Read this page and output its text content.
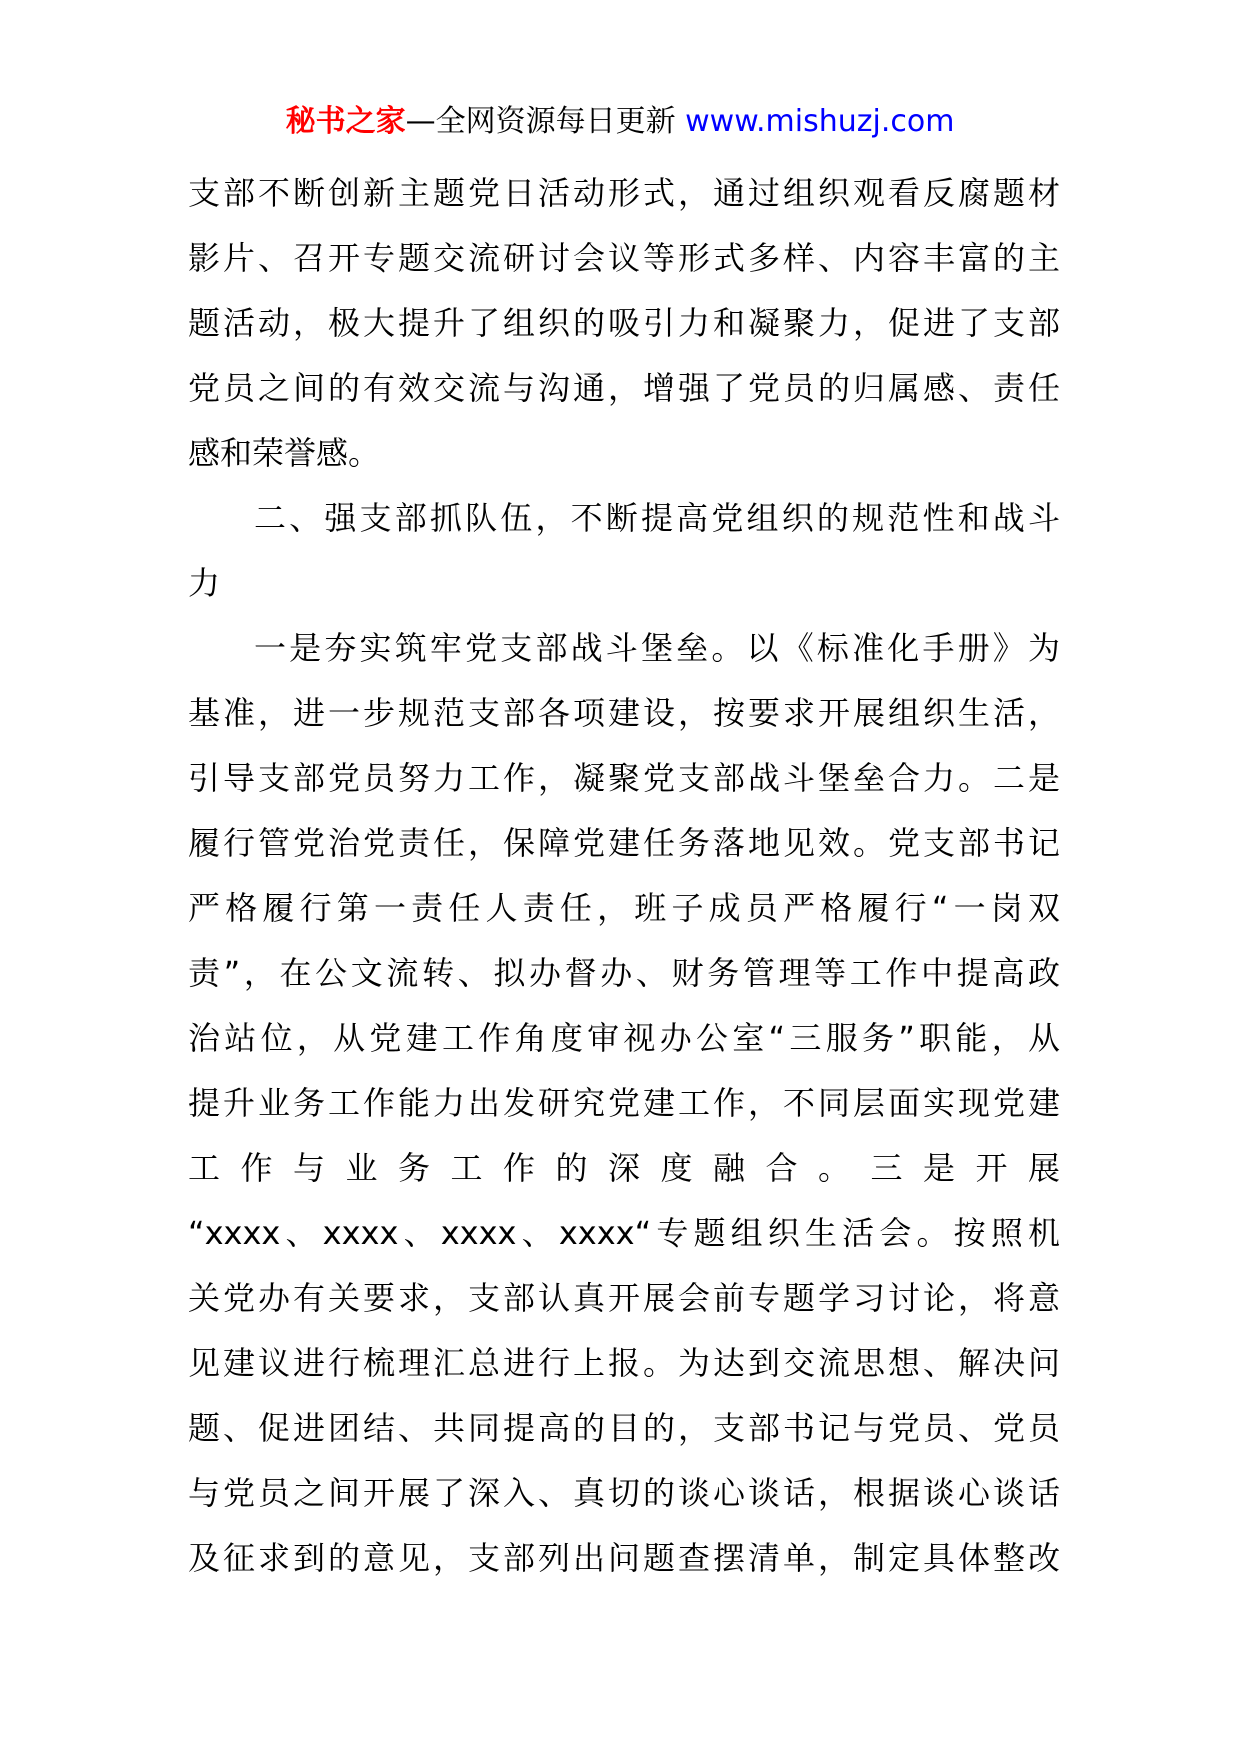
秘书之家—全网资源每日更新 www.mishuzj.com
支部不断创新主题党日活动形式，通过组织观看反腐题材
影片、召开专题交流研讨会议等形式多样、内容丰富的主
题活动，极大提升了组织的吸引力和凝聚力，促进了支部
党员之间的有效交流与沟通，增强了党员的归属感、责任
感和荣誉感。
二、强支部抓队伍，不断提高党组织的规范性和战斗
力
一是夯实筑牢党支部战斗堡垒。以《标准化手册》为
基准，进一步规范支部各项建设，按要求开展组织生活，
引导支部党员努力工作，凝聚党支部战斗堡垒合力。二是
履行管党治党责任，保障党建任务落地见效。党支部书记
严格履行第一责任人责任，班子成员严格履行“一岗双
责”，在公文流转、拟办督办、财务管理等工作中提高政
治站位，从党建工作角度审视办公室“三服务”职能，从
提升业务工作能力出发研究党建工作，不同层面实现党建
工 作 与 业 务 工 作 的 深 度 融 合 。 三 是 开 展
“xxxx、xxxx、xxxx、xxxx“专题组织生活会。按照机
关党办有关要求，支部认真开展会前专题学习讨论，将意
见建议进行梳理汇总进行上报。为达到交流思想、解决问
题、促进团结、共同提高的目的，支部书记与党员、党员
与党员之间开展了深入、真切的谈心谈话，根据谈心谈话
及征求到的意见，支部列出问题查摆清单，制定具体整改
